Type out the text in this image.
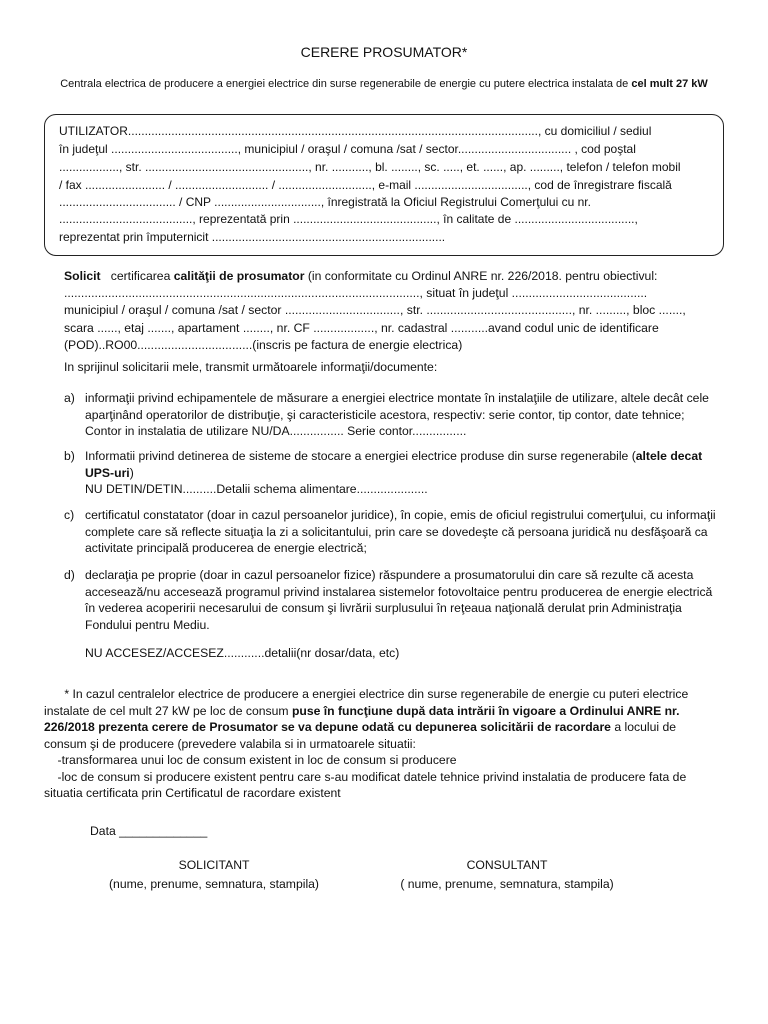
CERERE PROSUMATOR*
Centrala electrica de producere a energiei electrice din surse regenerabile de energie cu putere electrica instalata de cel mult 27 kW
UTILIZATOR..........................................................................................................................., cu domiciliul / sediul
în judeţul ......................................, municipiul / oraşul / comuna /sat / sector.................................. , cod poştal
.................., str. ................................................., nr. ..........., bl. ........, sc. ....., et. ......, ap. ........., telefon / telefon mobil
/ fax ........................ / ............................ / ............................, e-mail .................................., cod de înregistrare fiscală
................................... / CNP ................................, înregistrată la Oficiul Registrului Comerţului cu nr.
........................................, reprezentată prin ..........................................., în calitate de ....................................,
reprezentat prin împuternicit ......................................................................
Solicit certificarea calităţii de prosumator (in conformitate cu Ordinul ANRE nr. 226/2018. pentru obiectivul:
........................................................................................................., situat în judeţul ........................................
municipiul / oraşul / comuna /sat / sector .................................., str. ..........................................., nr. ........., bloc .......,
scara ......, etaj ......., apartament ........, nr. CF .................., nr. cadastral ...........avand codul unic de identificare
(POD)..RO00..................................(inscris pe factura de energie electrica)
In sprijinul solicitarii mele, transmit următoarele informaţii/documente:
a) informaţii privind echipamentele de măsurare a energiei electrice montate în instalaţiile de utilizare, altele decât cele
aparţinând operatorilor de distribuţie, şi caracteristicile acestora, respectiv: serie contor, tip contor, date tehnice;
Contor in instalatia de utilizare NU/DA................ Serie contor................
b) Informatii privind detinerea de sisteme de stocare a energiei electrice produse din surse regenerabile (altele decat
UPS-uri)
NU DETIN/DETIN..........Detalii schema alimentare.....................
c) certificatul constatator (doar in cazul persoanelor juridice), în copie, emis de oficiul registrului comerţului, cu informaţii
complete care să reflecte situaţia la zi a solicitantului, prin care se dovedeşte că persoana juridică nu desfăşoară ca
activitate principală producerea de energie electrică;
d) declaraţia pe proprie (doar in cazul persoanelor fizice) răspundere a prosumatorului din care să rezulte că acesta
accesează/nu accesează programul privind instalarea sistemelor fotovoltaice pentru producerea de energie electrică
în vederea acoperirii necesarului de consum şi livrării surplusului în reţeaua naţională derulat prin Administraţia
Fondului pentru Mediu.
NU ACCESEZ/ACCESEZ............detalii(nr dosar/data, etc)
* In cazul centralelor electrice de producere a energiei electrice din surse regenerabile de energie cu puteri electrice
instalate de cel mult 27 kW pe loc de consum puse în funcţiune după data intrării în vigoare a Ordinului ANRE nr.
226/2018 prezenta cerere de Prosumator se va depune odată cu depunerea solicitării de racordare a locului de
consum şi de producere (prevedere valabila si in urmatoarele situatii:
-transformarea unui loc de consum existent in loc de consum si producere
-loc de consum si producere existent pentru care s-au modificat datele tehnice privind instalatia de producere fata de
situatia certificata prin Certificatul de racordare existent
Data _____________
SOLICITANT
(nume, prenume, semnatura, stampila)
CONSULTANT
( nume, prenume, semnatura, stampila)
